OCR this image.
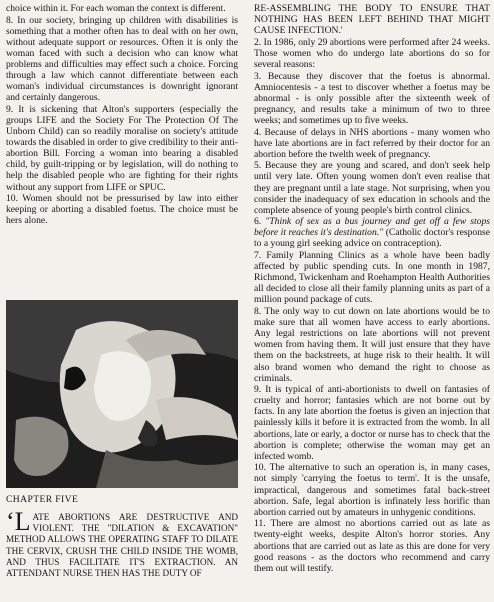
choice within it. For each woman the context is different.

8. In our society, bringing up children with disabilities is something that a mother often has to deal with on her own, without adequate support or resources. Often it is only the woman faced with such a decision who can know what problems and difficulties may effect such a choice. Forcing through a law which cannot differentiate between each woman's individual circumstances is downright ignorant and certainly dangerous.

9. It is sickening that Alton's supporters (especially the groups LIFE and the Society For The Protection Of The Unborn Child) can so readily moralise on society's attitude towards the disabled in order to give credibility to their anti-abortion Bill. Forcing a woman into bearing a disabled child, by guilt-tripping or by legislation, will do nothing to help the disabled people who are fighting for their rights without any support from LIFE or SPUC.

10. Women should not be pressurised by law into either keeping or aborting a disabled foetus. The choice must be hers alone.

CHAPTER FIVE
‘L ATE ABORTIONS ARE DESTRUCTIVE AND VIOLENT. THE "DILATION & EXCAVATION" METHOD ALLOWS THE OPERATING STAFF TO DILATE THE CERVIX, CRUSH THE CHILD INSIDE THE WOMB, AND THUS FACILITATE IT'S EXTRACTION. AN ATTENDANT NURSE THEN HAS THE DUTY OF

RE-ASSEMBLING THE BODY TO ENSURE THAT NOTHING HAS BEEN LEFT BEHIND THAT MIGHT CAUSE INFECTION.'

2. In 1986, only 29 abortions were performed after 24 weeks. Those women who do undergo late abortions do so for several reasons:

3. Because they discover that the foetus is abnormal. Amniocentesis - a test to discover whether a foetus may be abnormal - is only possible after the sixteenth week of pregnancy, and results take a minimum of two to three weeks; and sometimes up to five weeks.

4. Because of delays in NHS abortions - many women who have late abortions are in fact referred by their doctor for an abortion before the twelth week of pregnancy.

5. Because they are young and scared, and don't seek help until very late. Often young women don't even realise that they are pregnant until a late stage. Not surprising, when you consider the inadequacy of sex education in schools and the complete absence of young people's birth control clinics.

6. "Think of sex as a bus journey and get off a few stops before it reaches it's destination." (Catholic doctor's response to a young girl seeking advice on contraception).

7. Family Planning Clinics as a whole have been badly affected by public spending cuts. In one month in 1987, Richmond, Twickenham and Roehampton Health Authorities all decided to close all their family planning units as part of a million pound package of cuts.

8. The only way to cut down on late abortions would be to make sure that all women have access to early abortions. Any legal restrictions on late abortions will not prevent women from having them. It will just ensure that they have them on the backstreets, at huge risk to their health. It will also brand women who demand the right to choose as criminals.

9. It is typical of anti-abortionists to dwell on fantasies of cruelty and horror; fantasies which are not borne out by facts. In any late abortion the foetus is given an injection that painlessly kills it before it is extracted from the womb. In all abortions, late or early, a doctor or nurse has to check that the abortion is complete; otherwise the woman may get an infected womb.

10. The alternative to such an operation is, in many cases, not simply 'carrying the foetus to term'. It is the unsafe, impractical, dangerous and sometimes fatal back-street abortion. Safe, legal abortion is infinately less horific than abortion carried out by amateurs in unhygenic conditions.

11. There are almost no abortions carried out as late as twenty-eight weeks, despite Alton's horror stories. Any abortions that are carried out as late as this are done for very good reasons - as the doctors who recommend and carry them out will testify.
